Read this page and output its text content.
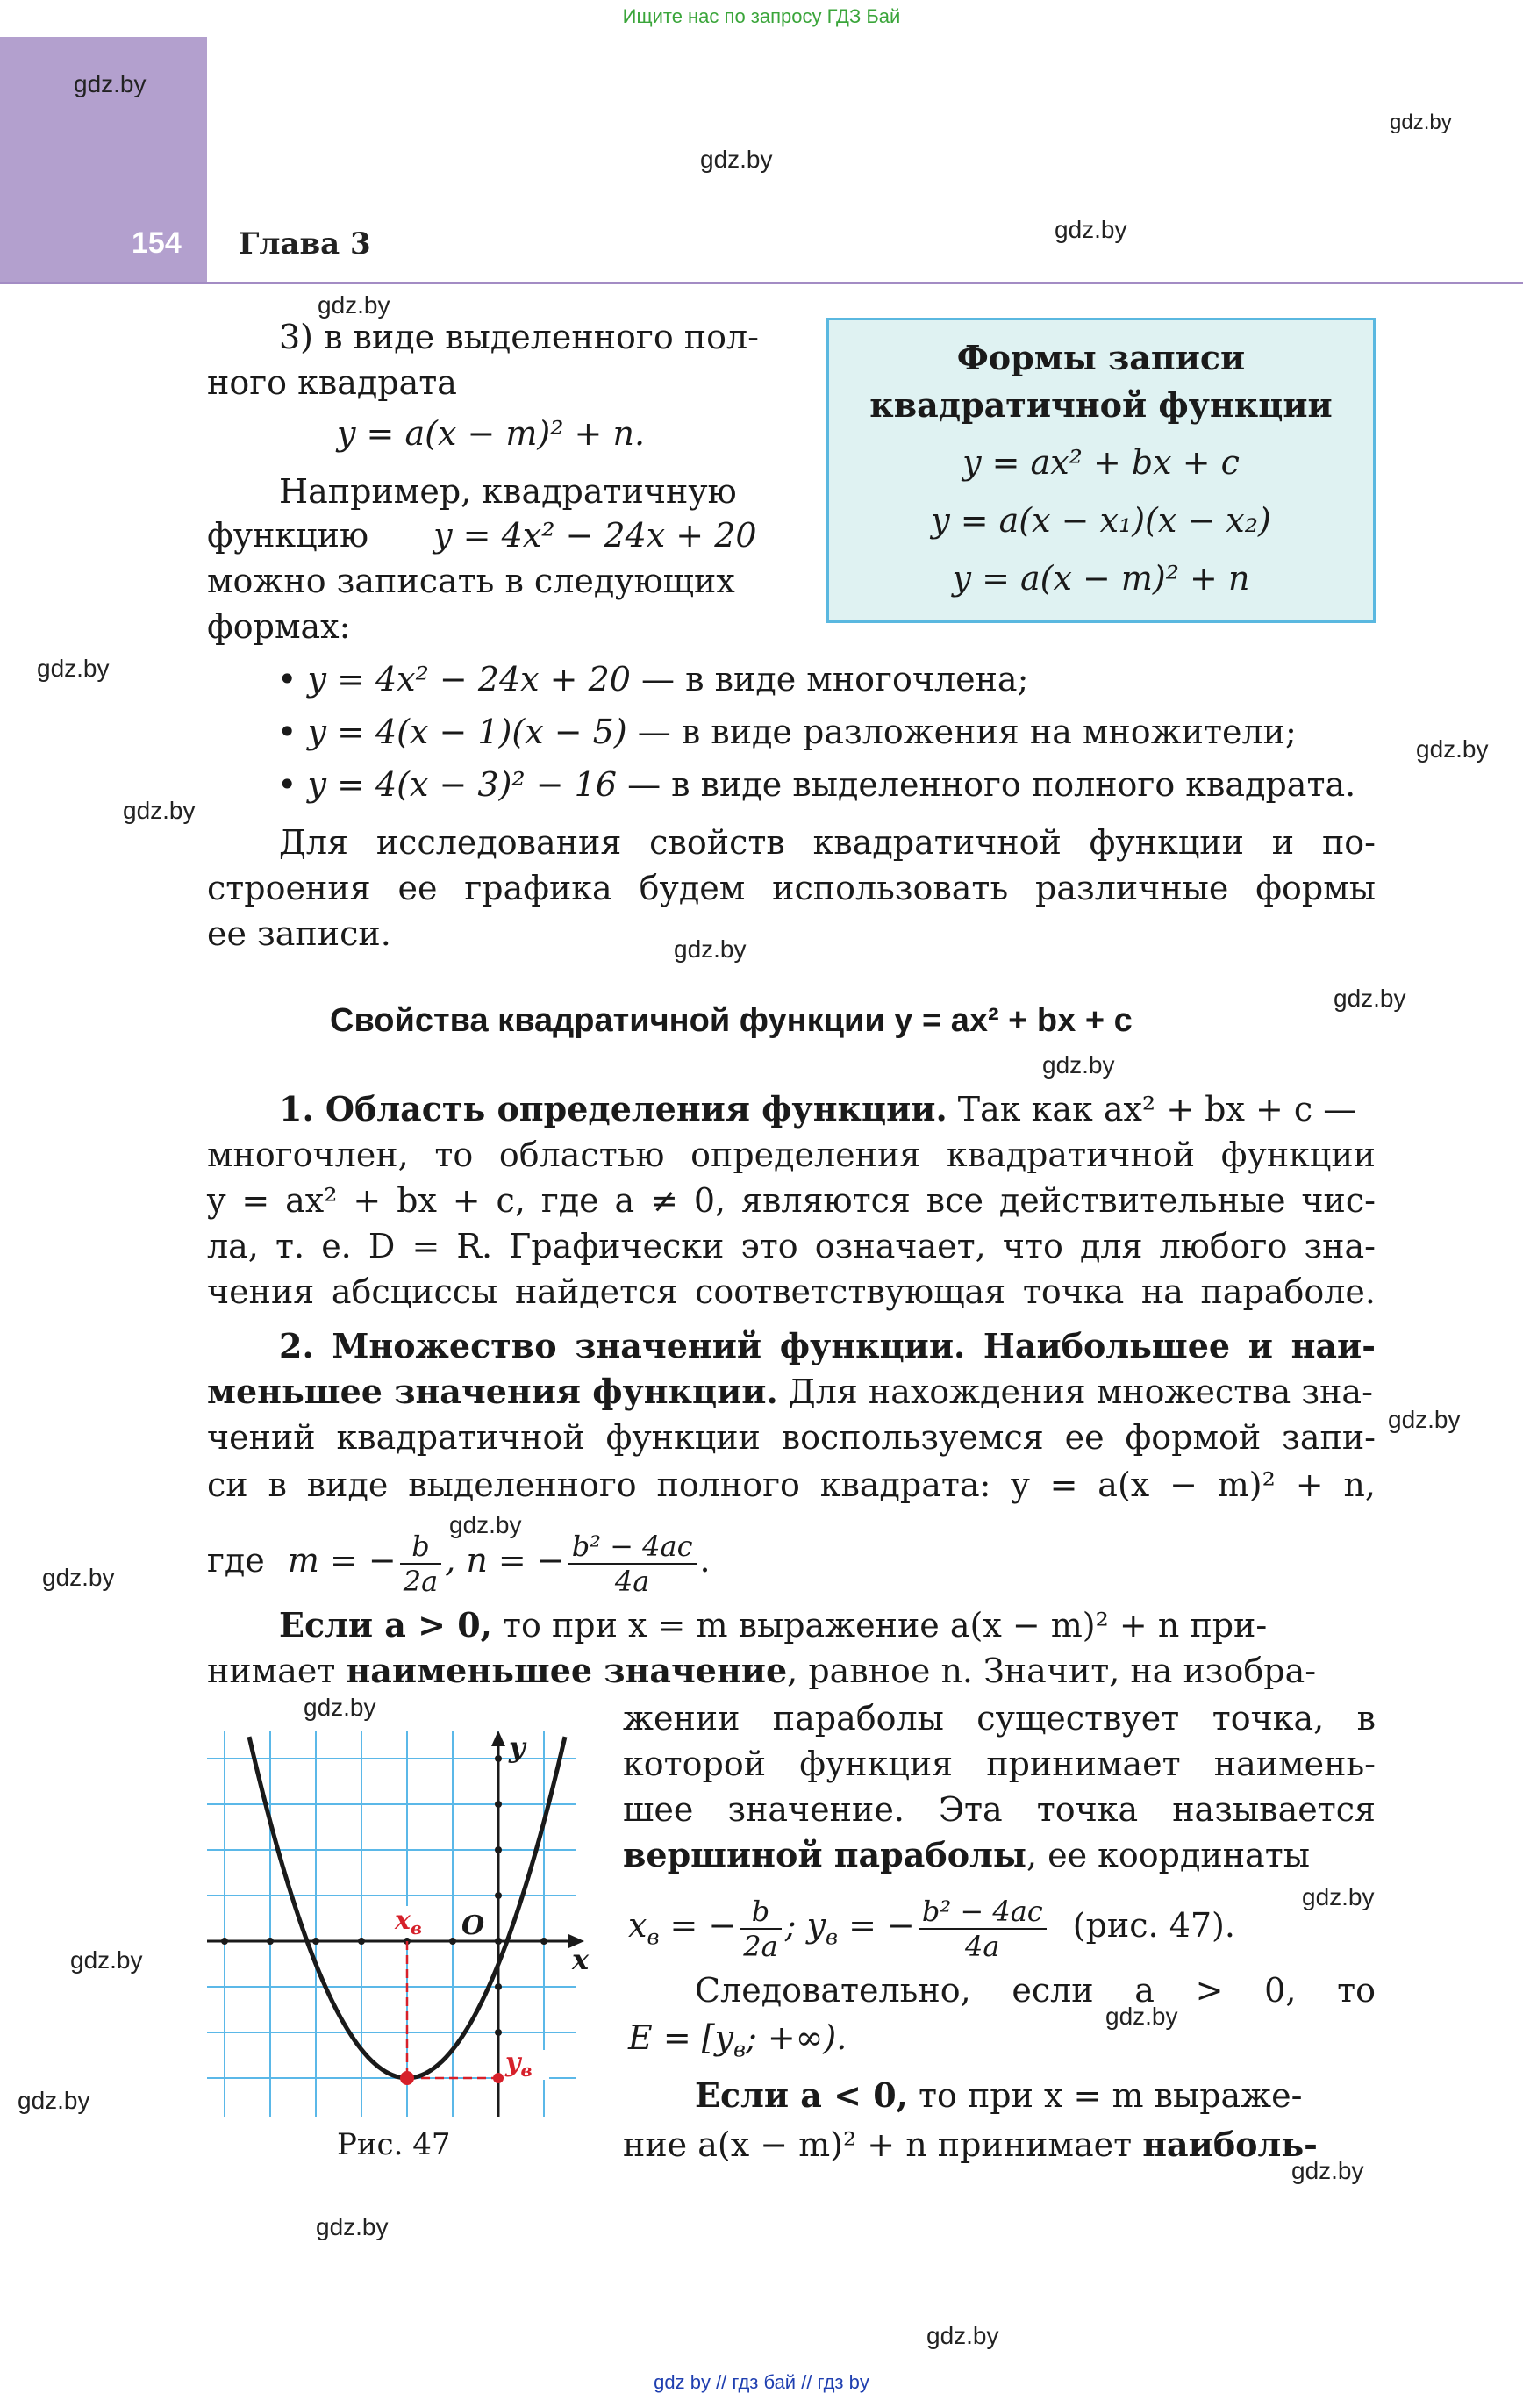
Ищите нас по запросу ГДЗ Бай
154 Глава 3
gdz.by
gdz.by
gdz.by
gdz.by
gdz.by
gdz.by
gdz.by
gdz.by
gdz.by
gdz.by
gdz.by
gdz.by
gdz.by
gdz.by
gdz.by
gdz.by
gdz.by
gdz.by
gdz.by
gdz.by
gdz.by
gdz.by
3) в виде выделенного пол-
ного квадрата
y = a(x − m)² + n.
Например, квадратичную
функцию y = 4x² − 24x + 20
можно записать в следующих
формах:
Формы записи
квадратичной функции
y = ax² + bx + c
y = a(x − x₁)(x − x₂)
y = a(x − m)² + n
• y = 4x² − 24x + 20 — в виде многочлена;
• y = 4(x − 1)(x − 5) — в виде разложения на множители;
• y = 4(x − 3)² − 16 — в виде выделенного полного квадрата.
Для исследования свойств квадратичной функции и по-
строения ее графика будем использовать различные формы
ее записи.
Свойства квадратичной функции y = ax² + bx + c
1. Область определения функции. Так как ax² + bx + c —
многочлен, то областью определения квадратичной функции
y = ax² + bx + c, где a ≠ 0, являются все действительные чис-
ла, т. е. D = R. Графически это означает, что для любого зна-
чения абсциссы найдется соответствующая точка на параболе.
2. Множество значений функции. Наибольшее и наи-
меньшее значения функции. Для нахождения множества зна-
чений квадратичной функции воспользуемся ее формой запи-
си в виде выделенного полного квадрата: y = a(x − m)² + n,
где m = − $\frac{b}{2a}$ , n = − $\frac{\text{b² − 4ac}}{4a}$ .
Если a > 0, то при x = m выражение a(x − m)² + n при-
нимает наименьшее значение, равное n. Значит, на изобра-
жении параболы существует точка, в
которой функция принимает наимень-
шее значение. Эта точка называется
вершиной параболы, ее координаты
$x_в$ = − $\frac{b}{2a}$ ; $y_в$ = − $\frac{\text{b² − 4ac}}{4a} (рис$. 47).
Следовательно, если a > 0, то
$E = [y_в$; +∞).
Если a < 0, то при x = m выраже-
ние a(x − m)² + n принимает наиболь-
x
y
O
$x_в$
$y_в$
Рис. 47
gdz by // гдз бай // гдз by
